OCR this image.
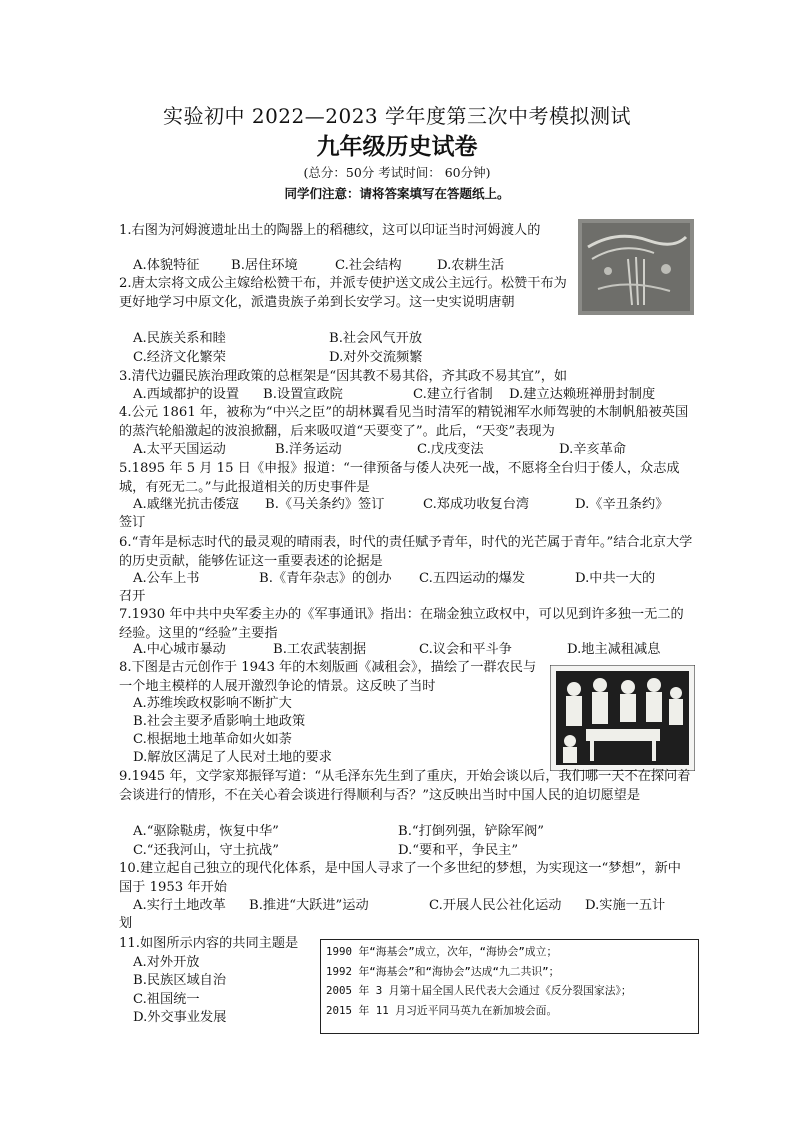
实验初中 2022—2023 学年度第三次中考模拟测试
九年级历史试卷
(总分：50分 考试时间： 60分钟)
同学们注意：请将答案填写在答题纸上。
1.右图为河姆渡遗址出土的陶器上的稻穗纹，这可以印证当时河姆渡人的
A.体貌特征 B.居住环境	C.社会结构	D.农耕生活
2.唐太宗将文成公主嫁给松赞干布，并派专使护送文成公主远行。松赞干布为更好地学习中原文化，派遣贵族子弟到长安学习。这一史实说明唐朝
A.民族关系和睦	B.社会风气开放
C.经济文化繁荣	D.对外交流频繁
3.清代边疆民族治理政策的总框架是“因其教不易其俗，齐其政不易其宜”，如
A.西域都护的设置 B.设置宣政院	C.建立行省制 D.建立达赖班禅册封制度
4.公元 1861 年，被称为“中兴之臣”的胡林翼看见当时清军的精锐湘军水师驾驶的木制帆船被英国的蒸汽轮船激起的波浪掀翻，后来吸叹道“天要变了”。此后，“天变”表现为
A.太平天国运动	B.洋务运动	C.戊戌变法	D.辛亥革命
5.1895 年 5 月 15 日《申报》报道：“一律预备与倭人决死一战，不愿将全台归于倭人，众志成城，有死无二。”与此报道相关的历史事件是
A.戚继光抗击倭寇 B.《马关条约》签订	C.郑成功收复台湾	D.《辛丑条约》
6.“青年是标志时代的最灵观的晴雨表，时代的责任赋予青年，时代的光芒属于青年。”结合北京大学的历史贡献，能够佐证这一重要表述的论据是
A.公车上书	B.《青年杂志》的创办 C.五四运动的爆发	D.中共一大的
7.1930 年中共中央军委主办的《军事通讯》指出：在瑞金独立政权中，可以见到许多独一无二的经验。这里的“经验”主要指
A.中心城市暴动	B.工农武装割据	C.议会和平斗争	D.地主减租减息
8.下图是古元创作于 1943 年的木刻版画《减租会》，描绘了一群农民与一个地主模样的人展开激烈争论的情景。这反映了当时
A.苏维埃政权影响不断扩大
B.社会主要矛盾影响土地政策
C.根据地土地革命如火如荼
D.解放区满足了人民对土地的要求
9.1945 年，文学家郑振铎写道：“从毛泽东先生到了重庆，开始会谈以后，我们哪一天不在探问着会谈进行的情形，不在关心着会谈进行得顺利与否？”这反映出当时中国人民的迫切愿望是
A.“驱除鞑虏，恢复中华”	B.“打倒列强，铲除军阀”
C.“还我河山，守土抗战”	D.“要和平，争民主”
10.建立起自己独立的现代化体系，是中国人寻求了一个多世纪的梦想，为实现这一“梦想”，新中国于 1953 年开始
A.实行土地改革 B.推进“大跃进”运动	C.开展人民公社化运动 D.实施一五计
11.如图所示内容的共同主题是
A.对外开放
B.民族区域自治
C.祖国统一
D.外交事业发展
签订
召开
划
1990 年“海基会”成立，次年，“海协会”成立；
1992 年“海基会”和“海协会”达成“九二共识”；
2005 年 3 月第十届全国人民代表大会通过《反分裂国家法》；
2015 年 11 月习近平同马英九在新加坡会面。
